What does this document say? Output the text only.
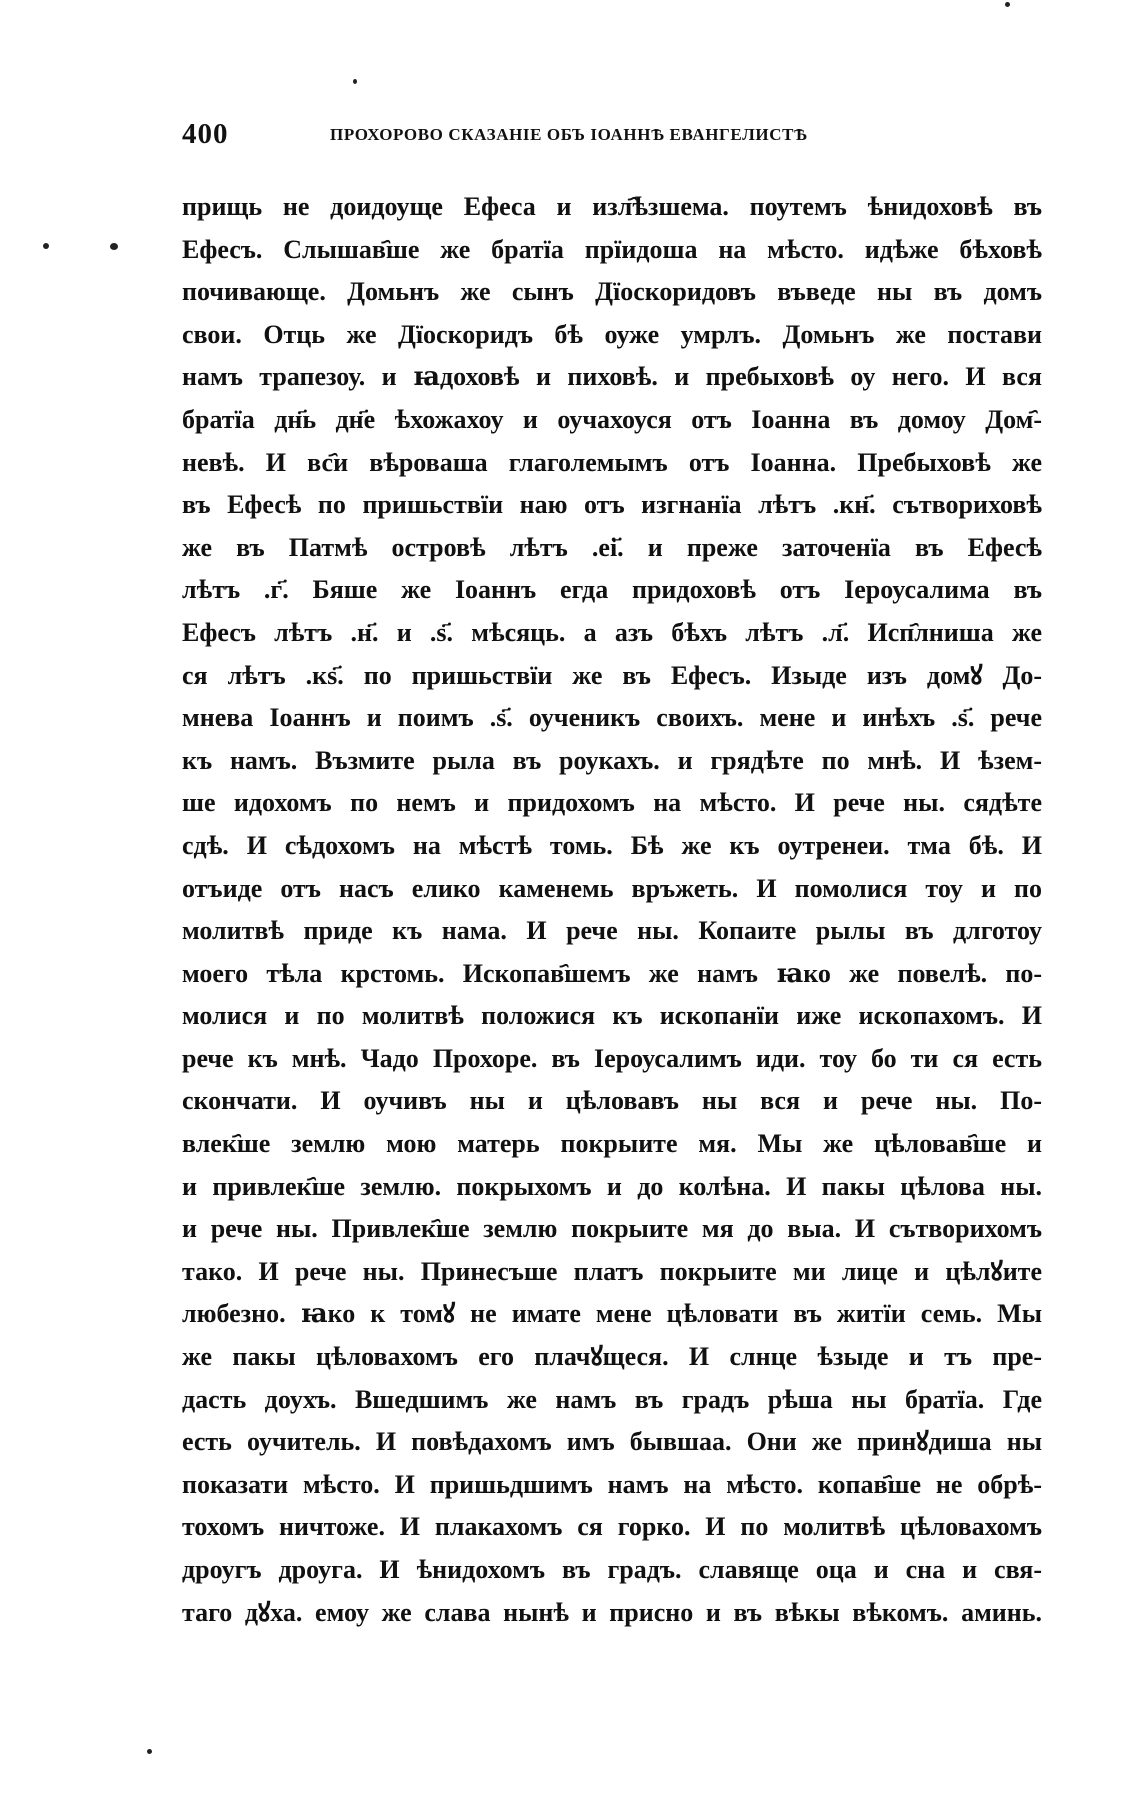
400	ПРОХОРОВО СКАЗАНІЕ ОБЪ ІОАННѢ ЕВАНГЕЛИСТѢ
прищь не доидоуще Ефеса и изл҄ѣзшема. поутемъ ѣнидоховѣ въ
Ефесъ. Слышав҄ше же братїа прїидоша на мѣсто. идѣже бѣховѣ
почивающе. Домьнъ же сынъ Дїоскоридовъ въведе ны въ домъ
свои. Отць же Дїоскоридъ бѣ оуже умрлъ. Домьнъ же постави
намъ трапезоу. и ꙗдоховѣ и пиховѣ. и пребыховѣ оу него. И вся
братїа дн҃ь дн҃е ѣхожахоу и оучахоуся отъ Іоанна въ домоу Дом҄-
невѣ. И вс҄и вѣроваша глаголемымъ отъ Іоанна. Пребыховѣ же
въ Ефесѣ по пришьствїи наю отъ изгнанїа лѣтъ .кн҃. сътвориховѣ
же въ Патмѣ островѣ лѣтъ .еі҃. и преже заточенїа въ Ефесѣ
лѣтъ .г҃. Бяше же Іоаннъ егда придоховѣ отъ Іероусалима въ
Ефесъ лѣтъ .н҃. и .ѕ҃. мѣсяць. а азъ бѣхъ лѣтъ .л҃. Исп҄лниша же
ся лѣтъ .кѕ҃. по пришьствїи же въ Ефесъ. Изыде изъ домꙋ До-
мнева Іоаннъ и поимъ .ѕ҃. оученикъ своихъ. мене и инѣхъ .ѕ҃. рече
къ намъ. Възмите рыла въ роукахъ. и грядѣте по мнѣ. И ѣзем-
ше идохомъ по немъ и придохомъ на мѣсто. И рече ны. сядѣте
сдѣ. И сѣдохомъ на мѣстѣ томь. Бѣ же къ оутренеи. тма бѣ. И
отъиде отъ насъ елико каменемь връжеть. И помолися тоу и по
молитвѣ приде къ нама. И рече ны. Копаите рылы въ длготоу
моего тѣла крстомь. Ископав҄шемъ же намъ ꙗко же повелѣ. по-
молися и по молитвѣ положися къ ископанїи иже ископахомъ. И
рече къ мнѣ. Чадо Прохоре. въ Іероусалимъ иди. тоу бо ти ся есть
скончати. И оучивъ ны и цѣловавъ ны вся и рече ны. По-
влек҄ше землю мою матерь покрыите мя. Мы же цѣловав҄ше и
и привлек҄ше землю. покрыхомъ и до колѣна. И пакы цѣлова ны.
и рече ны. Привлек҄ше землю покрыите мя до выа. И сътворихомъ
тако. И рече ны. Принесъше платъ покрыите ми лице и цѣлꙋите
любезно. ꙗко к томꙋ не имате мене цѣловати въ житїи семь. Мы
же пакы цѣловахомъ его плачꙋщеся. И слнце ѣзыде и тъ пре-
дасть доухъ. Вшедшимъ же намъ въ градъ рѣша ны братїа. Где
есть оучитель. И повѣдахомъ имъ бывшаа. Они же принꙋдиша ны
показати мѣсто. И пришьдшимъ намъ на мѣсто. копав҄ше не обрѣ-
тохомъ ничтоже. И плакахомъ ся горко. И по молитвѣ цѣловахомъ
дроугъ дроуга. И ѣнидохомъ въ градъ. славяще оца и сна и свя-
таго дꙋха. емоу же слава нынѣ и присно и въ вѣкы вѣкомъ. аминь.
